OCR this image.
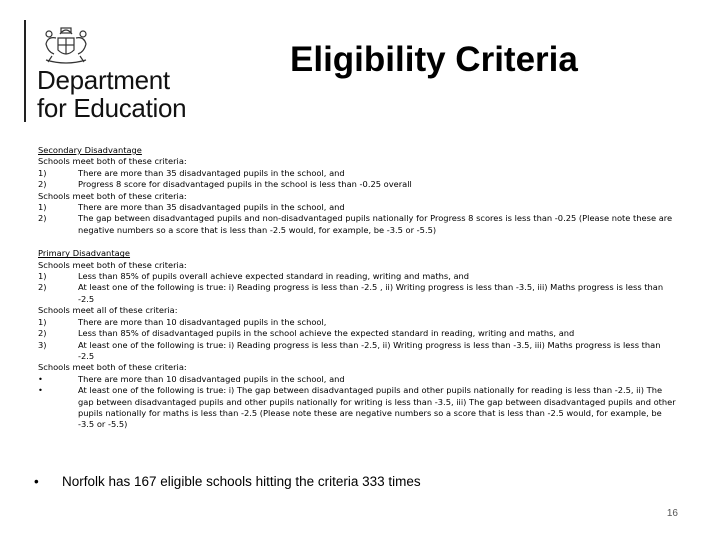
Department
for Education
Eligibility Criteria
Secondary Disadvantage
Schools meet both of these criteria:
1)	There are more than 35 disadvantaged pupils in the school, and
2)	Progress 8 score for disadvantaged pupils in the school is less than -0.25 overall
Schools meet both of these criteria:
1)	There are more than 35 disadvantaged pupils in the school, and
2)	The gap between disadvantaged pupils and non-disadvantaged pupils nationally for Progress 8 scores is less than -0.25 (Please note these are negative numbers so a score that is less than -2.5 would, for example, be -3.5 or -5.5)
Primary Disadvantage
Schools meet both of these criteria:
1)	Less than 85% of pupils overall achieve expected standard in reading, writing and maths, and
2)	At least one of the following is true: i) Reading progress is less than -2.5 , ii) Writing progress is less than -3.5, iii) Maths progress is less than -2.5
Schools meet all of these criteria:
1)	There are more than 10 disadvantaged pupils in the school,
2)	Less than 85% of disadvantaged pupils in the school achieve the expected standard in reading, writing and maths, and
3)	At least one of the following is true: i) Reading progress is less than -2.5, ii) Writing progress is less than -3.5, iii) Maths progress is less than -2.5
Schools meet both of these criteria:
•	There are more than 10 disadvantaged pupils in the school, and
•	At least one of the following is true: i) The gap between disadvantaged pupils and other pupils nationally for reading is less than -2.5, ii) The gap between disadvantaged pupils and other pupils nationally for writing is less than -3.5, iii) The gap between disadvantaged pupils and other pupils nationally for maths is less than -2.5 (Please note these are negative numbers so a score that is less than -2.5 would, for example, be -3.5 or -5.5)
• Norfolk has 167 eligible schools hitting the criteria 333 times
16
